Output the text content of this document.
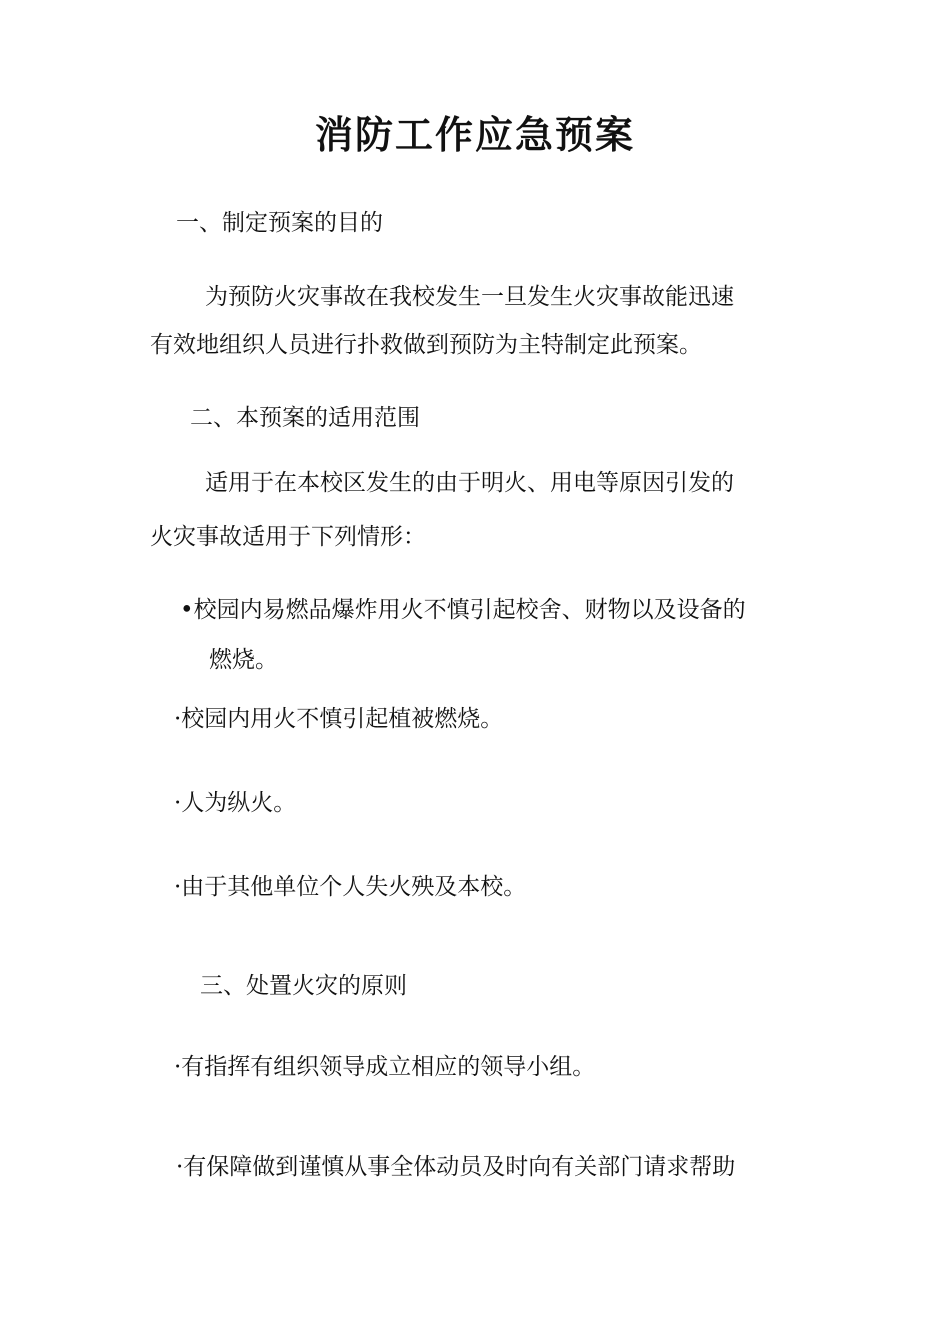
消防工作应急预案

一、制定预案的目的

为预防火灾事故在我校发生一旦发生火灾事故能迅速

有效地组织人员进行扑救做到预防为主特制定此预案。

二、本预案的适用范围

适用于在本校区发生的由于明火、用电等原因引发的

火灾事故适用于下列情形：

•校园内易燃品爆炸用火不慎引起校舍、财物以及设备的

燃烧。

·校园内用火不慎引起植被燃烧。

·人为纵火。

·由于其他单位个人失火殃及本校。

三、处置火灾的原则

·有指挥有组织领导成立相应的领导小组。

·有保障做到谨慎从事全体动员及时向有关部门请求帮助
